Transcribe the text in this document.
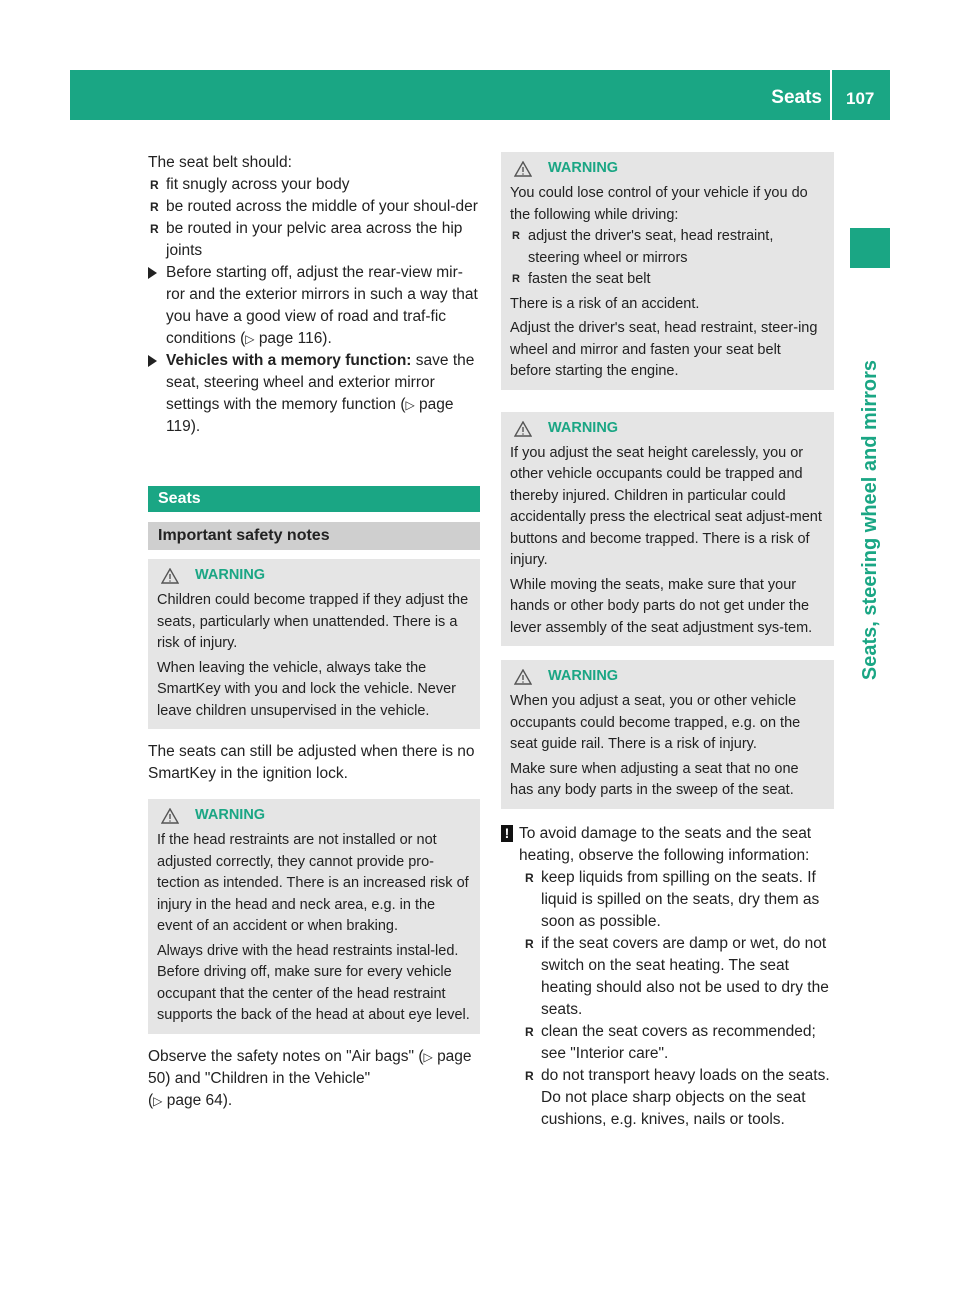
Seats 107
Seats, steering wheel and mirrors

The seat belt should:

R fit snugly across your body
R be routed across the middle of your shoul-der
R be routed in your pelvic area across the hip joints
Before starting off, adjust the rear-view mir-ror and the exterior mirrors in such a way that you have a good view of road and traf-fic conditions (▷ page 116).
Vehicles with a memory function: save the seat, steering wheel and exterior mirror settings with the memory function (▷ page 119).
Seats
Important safety notes
WARNING

Children could become trapped if they adjust the seats, particularly when unattended. There is a risk of injury.

When leaving the vehicle, always take the SmartKey with you and lock the vehicle. Never leave children unsupervised in the vehicle.

The seats can still be adjusted when there is no SmartKey in the ignition lock.

WARNING

If the head restraints are not installed or not adjusted correctly, they cannot provide pro-tection as intended. There is an increased risk of injury in the head and neck area, e.g. in the event of an accident or when braking.

Always drive with the head restraints instal-led. Before driving off, make sure for every vehicle occupant that the center of the head restraint supports the back of the head at about eye level.

Observe the safety notes on "Air bags" (▷ page 50) and "Children in the Vehicle"
(▷ page 64).

WARNING

You could lose control of your vehicle if you do the following while driving:

R adjust the driver's seat, head restraint, steering wheel or mirrors
R fasten the seat belt

There is a risk of an accident.

Adjust the driver's seat, head restraint, steer-ing wheel and mirror and fasten your seat belt before starting the engine.

WARNING

If you adjust the seat height carelessly, you or other vehicle occupants could be trapped and thereby injured. Children in particular could accidentally press the electrical seat adjust-ment buttons and become trapped. There is a risk of injury.

While moving the seats, make sure that your hands or other body parts do not get under the lever assembly of the seat adjustment sys-tem.

WARNING

When you adjust a seat, you or other vehicle occupants could become trapped, e.g. on the seat guide rail. There is a risk of injury.

Make sure when adjusting a seat that no one has any body parts in the sweep of the seat.

! To avoid damage to the seats and the seat heating, observe the following information:

R keep liquids from spilling on the seats. If liquid is spilled on the seats, dry them as soon as possible.
R if the seat covers are damp or wet, do not switch on the seat heating. The seat heating should also not be used to dry the seats.
R clean the seat covers as recommended; see "Interior care".
R do not transport heavy loads on the seats. Do not place sharp objects on the seat cushions, e.g. knives, nails or tools.
